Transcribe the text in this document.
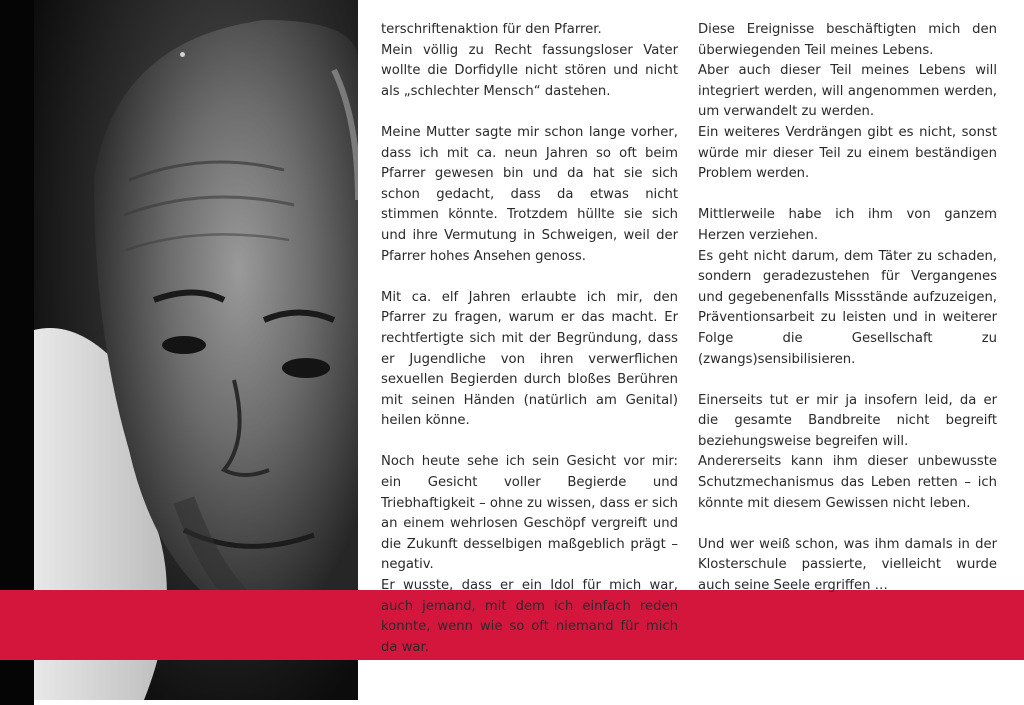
terschriftenaktion für den Pfarrer.

Mein völlig zu Recht fassungsloser Vater wollte die Dorfidylle nicht stören und nicht als „schlechter Mensch“ dastehen.

Meine Mutter sagte mir schon lange vorher, dass ich mit ca. neun Jahren so oft beim Pfarrer gewesen bin und da hat sie sich schon gedacht, dass da etwas nicht stimmen könnte. Trotzdem hüllte sie sich und ihre Vermutung in Schweigen, weil der Pfarrer hohes Ansehen genoss.

Mit ca. elf Jahren erlaubte ich mir, den Pfarrer zu fragen, warum er das macht. Er rechtfertigte sich mit der Begründung, dass er Jugendliche von ihren verwerflichen sexuellen Begierden durch bloßes Berühren mit seinen Händen (natürlich am Genital) heilen könne.

Noch heute sehe ich sein Gesicht vor mir: ein Gesicht voller Begierde und Triebhaftigkeit – ohne zu wissen, dass er sich an einem wehrlosen Geschöpf vergreift und die Zukunft desselbigen maßgeblich prägt – negativ.

Er wusste, dass er ein Idol für mich war, auch jemand, mit dem ich einfach reden konnte, wenn wie so oft niemand für mich da war.

Diese Ereignisse beschäftigten mich den überwiegenden Teil meines Lebens.

Aber auch dieser Teil meines Lebens will integriert werden, will angenommen werden, um verwandelt zu werden.

Ein weiteres Verdrängen gibt es nicht, sonst würde mir dieser Teil zu einem beständigen Problem werden.

Mittlerweile habe ich ihm von ganzem Herzen verziehen.

Es geht nicht darum, dem Täter zu schaden, sondern geradezustehen für Vergangenes und gegebenenfalls Missstände aufzuzeigen, Präventionsarbeit zu leisten und in weiterer Folge die Gesellschaft zu (zwangs)sensibilisieren.

Einerseits tut er mir ja insofern leid, da er die gesamte Bandbreite nicht begreift beziehungsweise begreifen will.

Andererseits kann ihm dieser unbewusste Schutzmechanismus das Leben retten – ich könnte mit diesem Gewissen nicht leben.

Und wer weiß schon, was ihm damals in der Klosterschule passierte, vielleicht wurde auch seine Seele ergriffen …
